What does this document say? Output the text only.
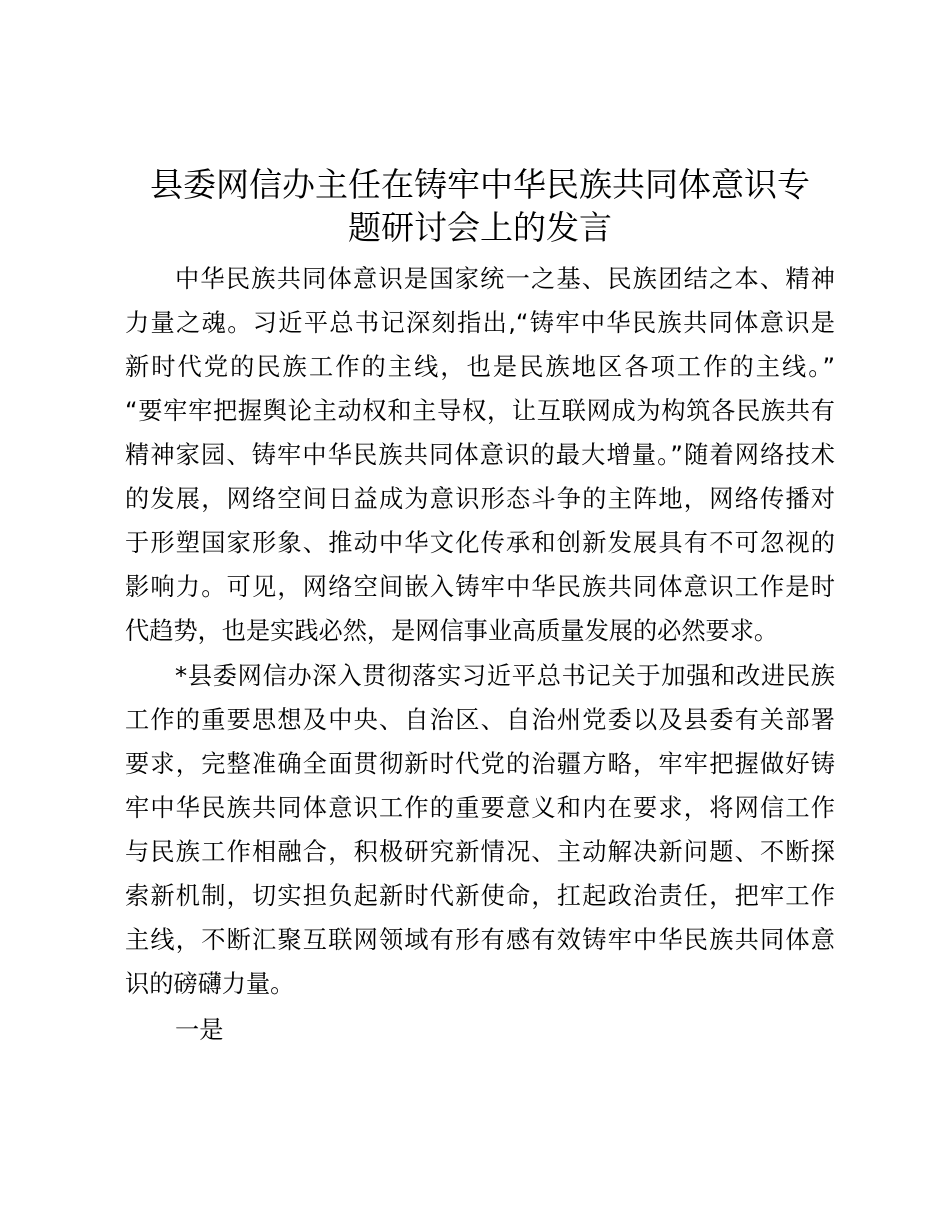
县委网信办主任在铸牢中华民族共同体意识专
题研讨会上的发言
中华民族共同体意识是国家统一之基、民族团结之本、精神
力量之魂。习近平总书记深刻指出,“铸牢中华民族共同体意识是
新时代党的民族工作的主线，也是民族地区各项工作的主线。”
“要牢牢把握舆论主动权和主导权，让互联网成为构筑各民族共有
精神家园、铸牢中华民族共同体意识的最大增量。”随着网络技术
的发展，网络空间日益成为意识形态斗争的主阵地，网络传播对
于形塑国家形象、推动中华文化传承和创新发展具有不可忽视的
影响力。可见，网络空间嵌入铸牢中华民族共同体意识工作是时
代趋势，也是实践必然，是网信事业高质量发展的必然要求。
*县委网信办深入贯彻落实习近平总书记关于加强和改进民族
工作的重要思想及中央、自治区、自治州党委以及县委有关部署
要求，完整准确全面贯彻新时代党的治疆方略，牢牢把握做好铸
牢中华民族共同体意识工作的重要意义和内在要求，将网信工作
与民族工作相融合，积极研究新情况、主动解决新问题、不断探
索新机制，切实担负起新时代新使命，扛起政治责任，把牢工作
主线，不断汇聚互联网领域有形有感有效铸牢中华民族共同体意
识的磅礴力量。
一是
